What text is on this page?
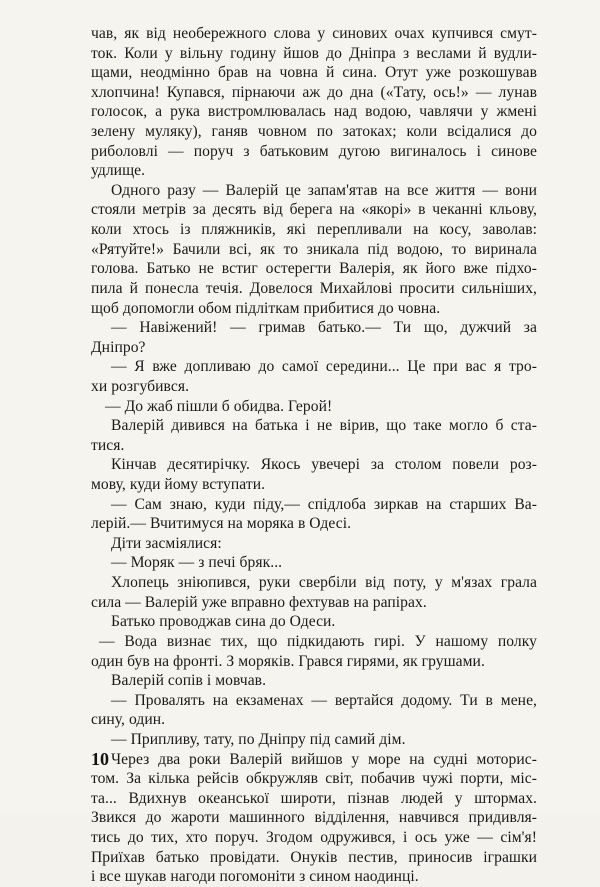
чав, як від необережного слова у синових очах купчився смут-
ток. Коли у вільну годину йшов до Дніпра з веслами й вудли-
щами, неодмінно брав на човна й сина. Отут уже розкошував
хлопчина! Купався, пірнаючи аж до дна («Тату, ось!» — лунав
голосок, а рука вистромлювалась над водою, чавлячи у жмені
зелену муляку), ганяв човном по затоках; коли всідалися до
риболовлі — поруч з батьковим дугою вигиналось і синове
удлище.
Одного разу — Валерій це запам'ятав на все життя — вони
стояли метрів за десять від берега на «якорі» в чеканні кльову,
коли хтось із пляжників, які перепливали на косу, заволав:
«Рятуйте!» Бачили всі, як то зникала під водою, то виринала
голова. Батько не встиг остерегти Валерія, як його вже підхо-
пила й понесла течія. Довелося Михайлові просити сильніших,
щоб допомогли обом підліткам прибитися до човна.
— Навіжений! — гримав батько.— Ти що, дужчий за
Дніпро?
— Я вже допливаю до самої середини... Це при вас я тро-
хи розгубився.
— До жаб пішли б обидва. Герой!
Валерій дивився на батька і не вірив, що таке могло б ста-
тися.
Кінчав десятирічку. Якось увечері за столом повели роз-
мову, куди йому вступати.
— Сам знаю, куди піду,— спідлоба зиркав на старших Ва-
лерій.— Вчитимуся на моряка в Одесі.
Діти засміялися:
— Моряк — з печі бряк...
Хлопець зніюпився, руки свербіли від поту, у м'язах грала
сила — Валерій уже вправно фехтував на рапірах.
Батько проводжав сина до Одеси.
— Вода визнає тих, що підкидають гирі. У нашому полку
один був на фронті. З моряків. Грався гирями, як грушами.
Валерій сопів і мовчав.
— Провалять на екзаменах — вертайся додому. Ти в мене,
сину, один.
— Припливу, тату, по Дніпру під самий дім.
Через два роки Валерій вийшов у море на судні моторис-
том. За кілька рейсів обкружляв світ, побачив чужі порти, міс-
та... Вдихнув океанської широти, пізнав людей у штормах.
Звикся до жароти машинного відділення, навчився придивля-
тись до тих, хто поруч. Згодом одружився, і ось уже — сім'я!
Приїхав батько провідати. Онуків пестив, приносив іграшки
і все шукав нагоди погомоніти з сином наодинці.
10
